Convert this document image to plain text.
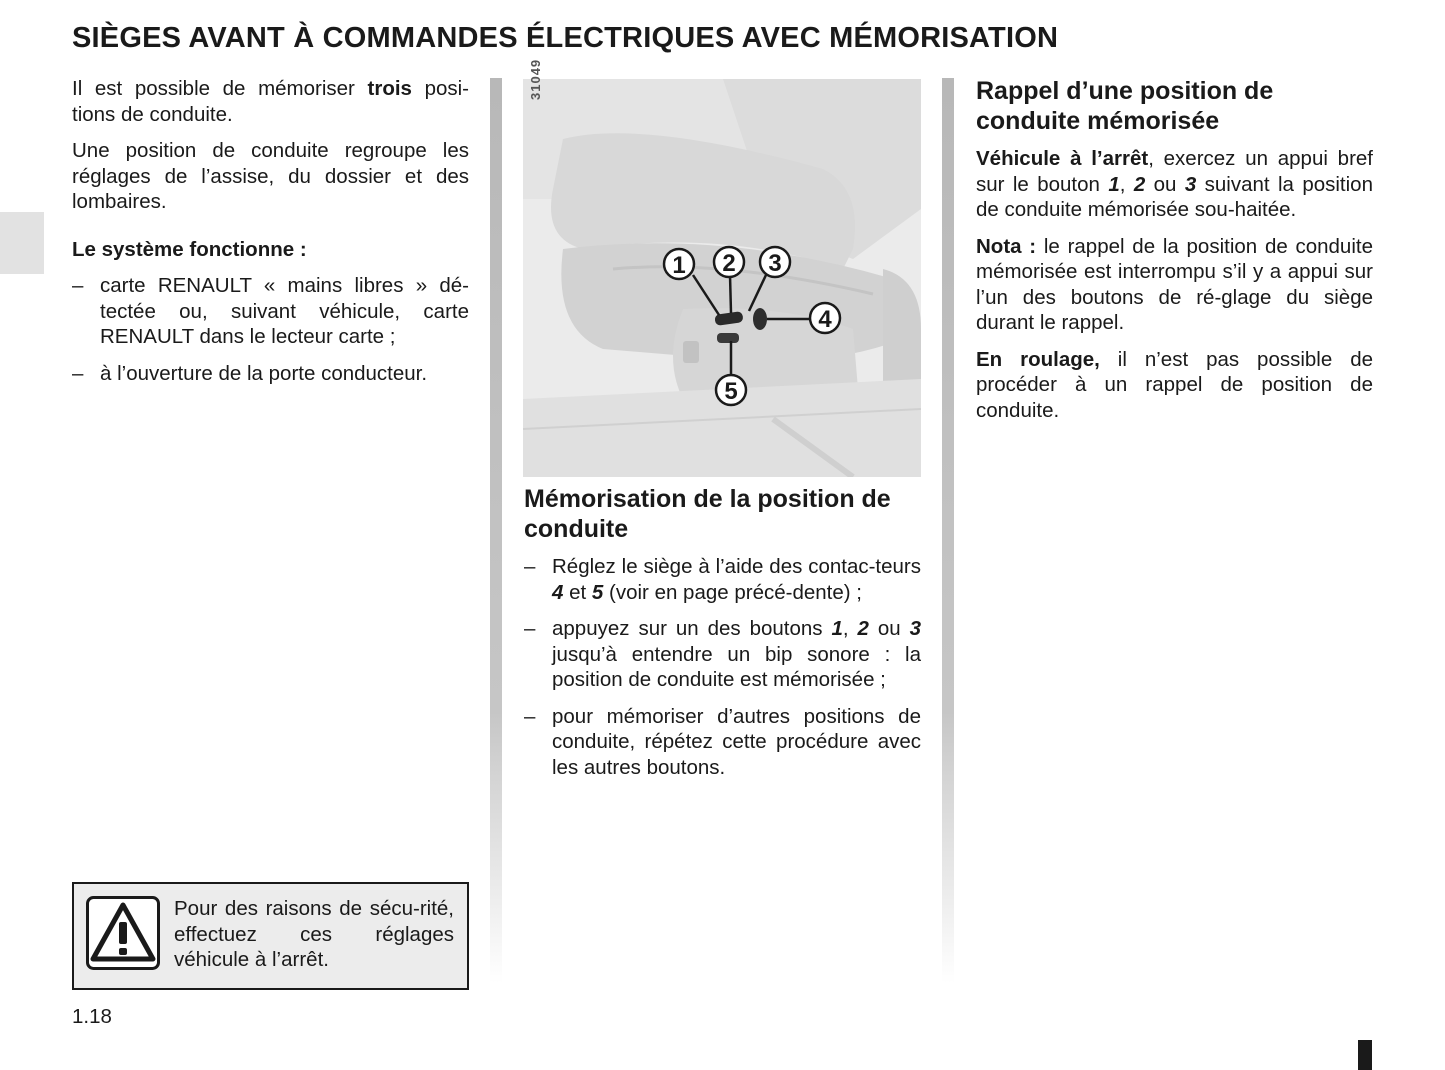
SIÈGES AVANT À COMMANDES ÉLECTRIQUES AVEC MÉMORISATION

Il est possible de mémoriser trois posi-tions de conduite.

Une position de conduite regroupe les réglages de l’assise, du dossier et des lombaires.

Le système fonctionne :

– carte RENAULT « mains libres » dé-tectée ou, suivant véhicule, carte RENAULT dans le lecteur carte ;
– à l’ouverture de la porte conducteur.
1 2 3
4
5
31049
Mémorisation de la position de conduite
– Réglez le siège à l’aide des contac-teurs 4 et 5 (voir en page précé-dente) ;
– appuyez sur un des boutons 1, 2 ou 3 jusqu’à entendre un bip sonore : la position de conduite est mémorisée ;
– pour mémoriser d’autres positions de conduite, répétez cette procédure avec les autres boutons.
Rappel d’une position de conduite mémorisée

Véhicule à l’arrêt, exercez un appui bref sur le bouton 1, 2 ou 3 suivant la position de conduite mémorisée sou-haitée.

Nota : le rappel de la position de conduite mémorisée est interrompu s’il y a appui sur l’un des boutons de ré-glage du siège durant le rappel.

En roulage, il n’est pas possible de procéder à un rappel de position de conduite.

Pour des raisons de sécu-rité, effectuez ces réglages véhicule à l’arrêt.
1.18
